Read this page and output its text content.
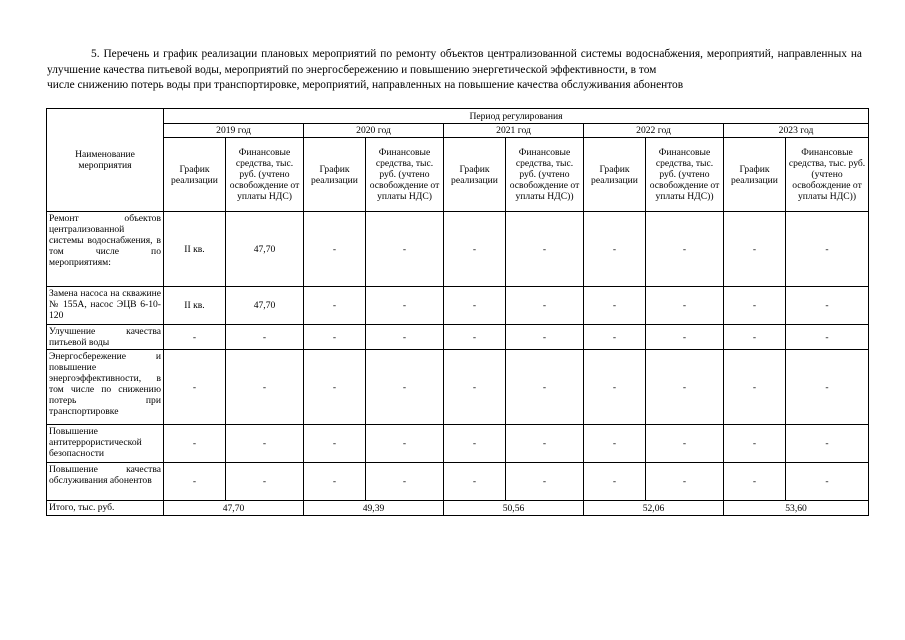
5. Перечень и график реализации плановых мероприятий по ремонту объектов централизованной системы водоснабжения, мероприятий, направленных на улучшение качества питьевой воды, мероприятий по энергосбережению и повышению энергетической эффективности, в том
числе снижению потерь воды при транспортировке, мероприятий, направленных на повышение качества обслуживания абонентов
Наименование мероприятия	Период регулирования									
	2019 год		2020 год		2021 год		2022 год		2023 год	
	График реализации	Финансовые средства, тыс. руб. (учтено освобождение от уплаты НДС)	График реализации	Финансовые средства, тыс. руб. (учтено освобождение от уплаты НДС)	График реализации	Финансовые средства, тыс. руб. (учтено освобождение от уплаты НДС))	График реализации	Финансовые средства, тыс. руб. (учтено освобождение от уплаты НДС))	График реализации	Финансовые средства, тыс. руб. (учтено освобождение от уплаты НДС))
Ремонт объектов централизованной системы водоснабжения, в том числе по мероприятиям:	II кв.	47,70	-	-	-	-	-	-	-	-
Замена насоса на скважине № 155А, насос ЭЦВ 6-10-120	II кв.	47,70	-	-	-	-	-	-	-	-
Улучшение качества питьевой воды	-	-	-	-	-	-	-	-	-	-
Энергосбережение и повышение энергоэффективности, в том числе по снижению потерь при транспортировке	-	-	-	-	-	-	-	-	-	-
Повышение антитеррористической безопасности	-	-	-	-	-	-	-	-	-	-
Повышение качества обслуживания абонентов	-	-	-	-	-	-	-	-	-	-
Итого, тыс. руб.	47,70		49,39		50,56		52,06		53,60	
